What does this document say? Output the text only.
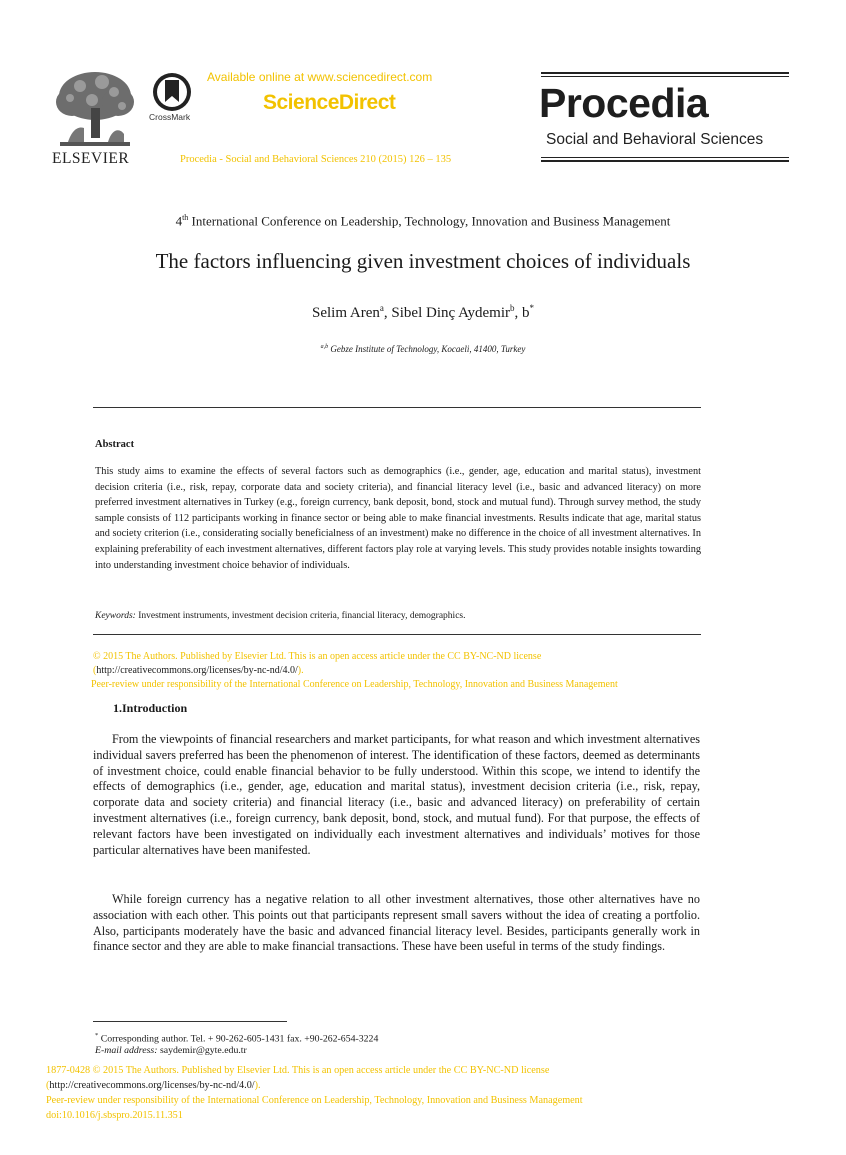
ELSEVIER
CrossMark
Available online at www.sciencedirect.com
ScienceDirect
Procedia - Social and Behavioral Sciences 210 (2015) 126 – 135
Procedia
Social and Behavioral Sciences
4th International Conference on Leadership, Technology, Innovation and Business Management
The factors influencing given investment choices of individuals
Selim Aren$^a$, Sibel Dinç Aydemir$^b$, b*
$^{a,b}$ Gebze Institute of Technology, Kocaeli, 41400, Turkey
Abstract
This study aims to examine the effects of several factors such as demographics (i.e., gender, age, education and marital status), investment decision criteria (i.e., risk, repay, corporate data and society criteria), and financial literacy level (i.e., basic and advanced literacy) on more preferred investment alternatives in Turkey (e.g., foreign currency, bank deposit, bond, stock and mutual fund). Through survey method, the study sample consists of 112 participants working in finance sector or being able to make financial investments. Results indicate that age, marital status and society criterion (i.e., considerating socially beneficialness of an investment) make no difference in the choice of all investment alternatives. In explaining preferability of each investment alternatives, different factors play role at varying levels. This study provides notable insights towarding into understanding investment choice behavior of individuals.
Keywords: Investment instruments, investment decision criteria, financial literacy, demographics.
© 2015 The Authors. Published by Elsevier Ltd. This is an open access article under the CC BY-NC-ND license
(http://creativecommons.org/licenses/by-nc-nd/4.0/).
Peer-review under responsibility of the International Conference on Leadership, Technology, Innovation and Business Management
1.Introduction

From the viewpoints of financial researchers and market participants, for what reason and which investment alternatives individual savers preferred has been the phenomenon of interest. The identification of these factors, deemed as determinants of investment choice, could enable financial behavior to be fully understood. Within this scope, we intend to identify the effects of demographics (i.e., gender, age, education and marital status), investment decision criteria (i.e., risk, repay, corporate data and society criteria) and financial literacy (i.e., basic and advanced literacy) on preferability of certain investment alternatives (i.e., foreign currency, bank deposit, bond, stock, and mutual fund). For that purpose, the effects of relevant factors have been investigated on individually each investment alternatives and individuals’ motives for those particular alternatives have been manifested.

While foreign currency has a negative relation to all other investment alternatives, those other alternatives have no association with each other. This points out that participants represent small savers without the idea of creating a portfolio. Also, participants moderately have the basic and advanced financial literacy level. Besides, participants generally work in finance sector and they are able to make financial transactions. These have been useful in terms of the study findings.

* Corresponding author. Tel. + 90-262-605-1431 fax. +90-262-654-3224
E-mail address: saydemir@gyte.edu.tr
1877-0428 © 2015 The Authors. Published by Elsevier Ltd. This is an open access article under the CC BY-NC-ND license
(http://creativecommons.org/licenses/by-nc-nd/4.0/).
Peer-review under responsibility of the International Conference on Leadership, Technology, Innovation and Business Management
doi:10.1016/j.sbspro.2015.11.351
